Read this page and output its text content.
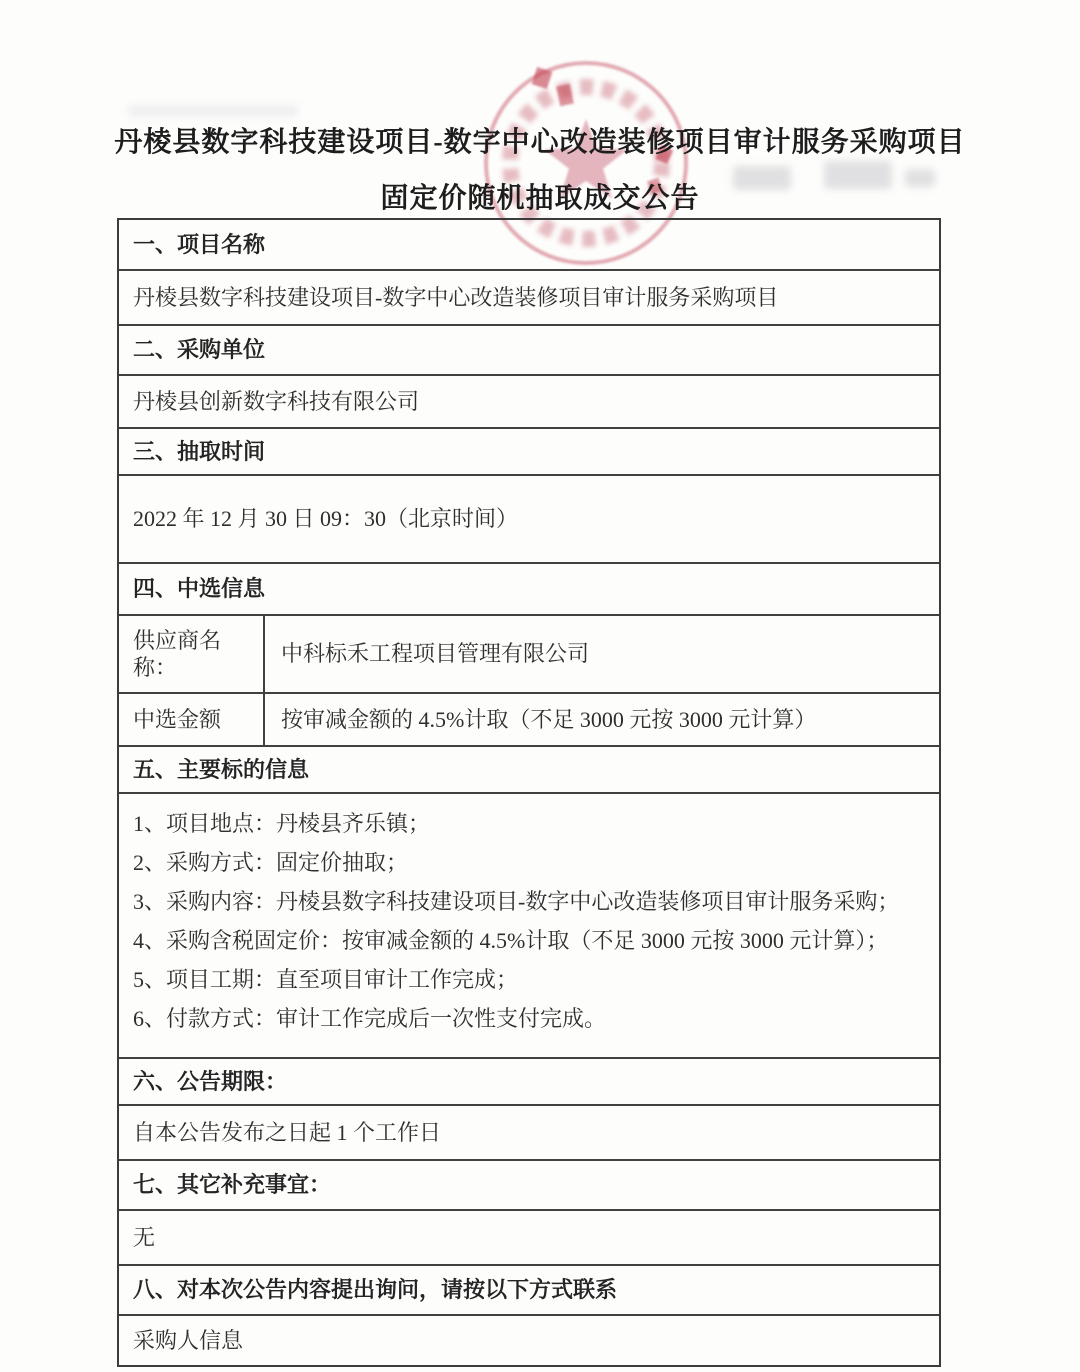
丹棱县数字科技建设项目-数字中心改造装修项目审计服务采购项目
固定价随机抽取成交公告
一、项目名称
丹棱县数字科技建设项目-数字中心改造装修项目审计服务采购项目
二、采购单位
丹棱县创新数字科技有限公司
三、抽取时间
2022 年 12 月 30 日 09：30（北京时间）
四、中选信息
供应商名称：
中科标禾工程项目管理有限公司
中选金额	按审减金额的 4.5%计取（不足 3000 元按 3000 元计算）
五、主要标的信息
1、项目地点：丹棱县齐乐镇；
2、采购方式：固定价抽取；
3、采购内容：丹棱县数字科技建设项目-数字中心改造装修项目审计服务采购；
4、采购含税固定价：按审减金额的 4.5%计取（不足 3000 元按 3000 元计算）；
5、项目工期：直至项目审计工作完成；
6、付款方式：审计工作完成后一次性支付完成。
六、公告期限：
自本公告发布之日起 1 个工作日
七、其它补充事宜：
无
八、对本次公告内容提出询问，请按以下方式联系
采购人信息
